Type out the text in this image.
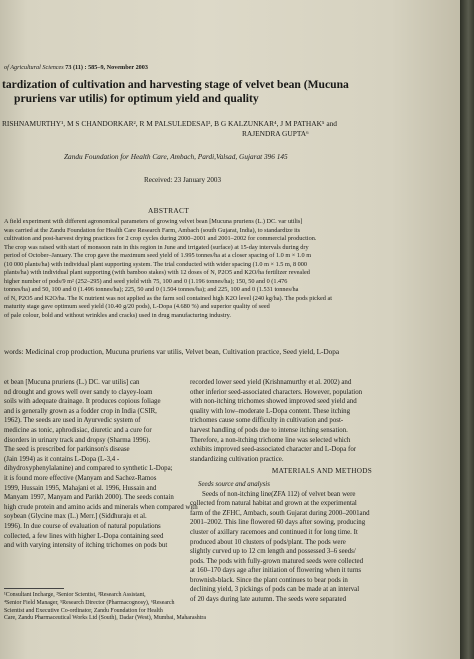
of Agricultural Sciences 73 (11) : 585–9, November 2003

tardization of cultivation and harvesting stage of velvet bean (Mucuna
pruriens var utilis) for optimum yield and quality
RISHNAMURTHY¹, M S CHANDORKAR², R M PALSULEDESAI³, B G KALZUNKAR⁴, J M PATHAK⁵ and
RAJENDRA GUPTA⁶

Zandu Foundation for Health Care, Ambach, Pardi,Valsad, Gujarat 396 145

Received: 23 January 2003

ABSTRACT

A field experiment with different agronomical parameters of growing velvet bean [Mucuna pruriens (L.) DC. var utilis]
was carried at the Zandu Foundation for Health Care Research Farm, Ambach (south Gujarat, India), to standardize its
cultivation and post-harvest drying practices for 2 crop cycles during 2000–2001 and 2001–2002 for commercial production.
The crop was raised with start of monsoon rain in this region in June and irrigated (surface) at 15-day intervals during dry
period of October–January. The crop gave the maximum seed yield of 1.995 tonnes/ha at a closer spacing of 1.0 m × 1.0 m
(10 000 plants/ha) with individual plant supporting system. The trial conducted with wider spacing (1.0 m × 1.5 m, 8 000
plants/ha) with individual plant supporting (with bamboo stakes) with 12 doses of N, P2O5 and K2O/ha fertilizer revealed
higher number of pods/9 m² (252–295) and seed yield with 75, 100 and 0 (1.196 tonnes/ha); 150, 50 and 0 (1.476
tonnes/ha) and 50, 100 and 0 (1.496 tonnes/ha); 225, 50 and 0 (1.504 tonnes/ha); and 225, 100 and 0 (1.531 tonnes/ha
of N, P2O5 and K2O/ha. The K nutrient was not applied as the farm soil contained high K2O level (240 kg/ha). The pods picked at
maturity stage gave optimum seed yield (10.40 g/20 pods), L-Dopa (4.680 %) and superior quality of seed
of pale colour, bold and without wrinkles and cracks) used in drug manufacturing industry.

words: Medicinal crop production, Mucuna pruriens var utilis, Velvet bean, Cultivation practice, Seed yield, L-Dopa

et bean [Mucuna pruriens (L.) DC. var utilis] can
nd drought and grows well over sandy to clayey-loam
soils with adequate drainage. It produces copious foliage
and is generally grown as a fodder crop in India (CSIR,
1962). The seeds are used in Ayurvedic system of
medicine as tonic, aphrodisiac, diuretic and a cure for
disorders in urinary track and dropsy (Sharma 1996).
The seed is prescribed for parkinson's disease
(Jain 1994) as it contains L-Dopa (L-3,4 -
dihydroxyphenylalanine) and compared to synthetic L-Dopa;
it is found more effective (Manyam and Sachez-Ramos
1999, Hussain 1995, Mahajani et al. 1996, Hussain and
Manyam 1997, Manyam and Parikh 2000). The seeds contain
high crude protein and amino acids and minerals when compared with
soybean (Glycine max (L.) Merr.] (Siddhuraju et al.
1996). In due course of evaluation of natural populations
collected, a few lines with higher L-Dopa containing seed
and with varying intensity of itching trichomes on pods but
recorded lower seed yield (Krishnamurthy et al. 2002) and
other inferior seed-associated characters. However, population
with non-itching trichomes showed improved seed yield and
quality with low–moderate L-Dopa content. These itching
trichomes cause some difficulty in cultivation and post-
harvest handling of pods due to intense itching sensation.
Therefore, a non-itching trichome line was selected which
exhibits improved seed-associated character and L-Dopa for
standardizing cultivation practice.
MATERIALS AND METHODS
Seeds source and analysis
Seeds of non-itching line(ZFA 112) of velvet bean were
collected from natural habitat and grown at the experimental
farm of the ZFHC, Ambach, south Gujarat during 2000–2001and
2001–2002. This line flowered 60 days after sowing, producing
cluster of axillary racemoes and continued it for long time. It
produced about 10 clusters of pods/plant. The pods were
slightly curved up to 12 cm length and possessed 3–6 seeds/
pods. The pods with fully-grown matured seeds were collected
at 160–170 days age after initiation of flowering when it turns
brownish-black. Since the plant continues to bear pods in
declining yield, 3 pickings of pods can be made at an interval
of 20 days during late autumn. The seeds were separated
¹Consultant Incharge, ²Senior Scientist, ³Research Assistant,
⁴Senior Field Manager, ⁵Research Director (Pharmacognosy), ⁶Research
Scientist and Executive Co-ordinator, Zandu Foundation for Health
Care, Zandu Pharmaceutical Works Ltd (South), Dadar (West), Mumbai, Maharashtra
